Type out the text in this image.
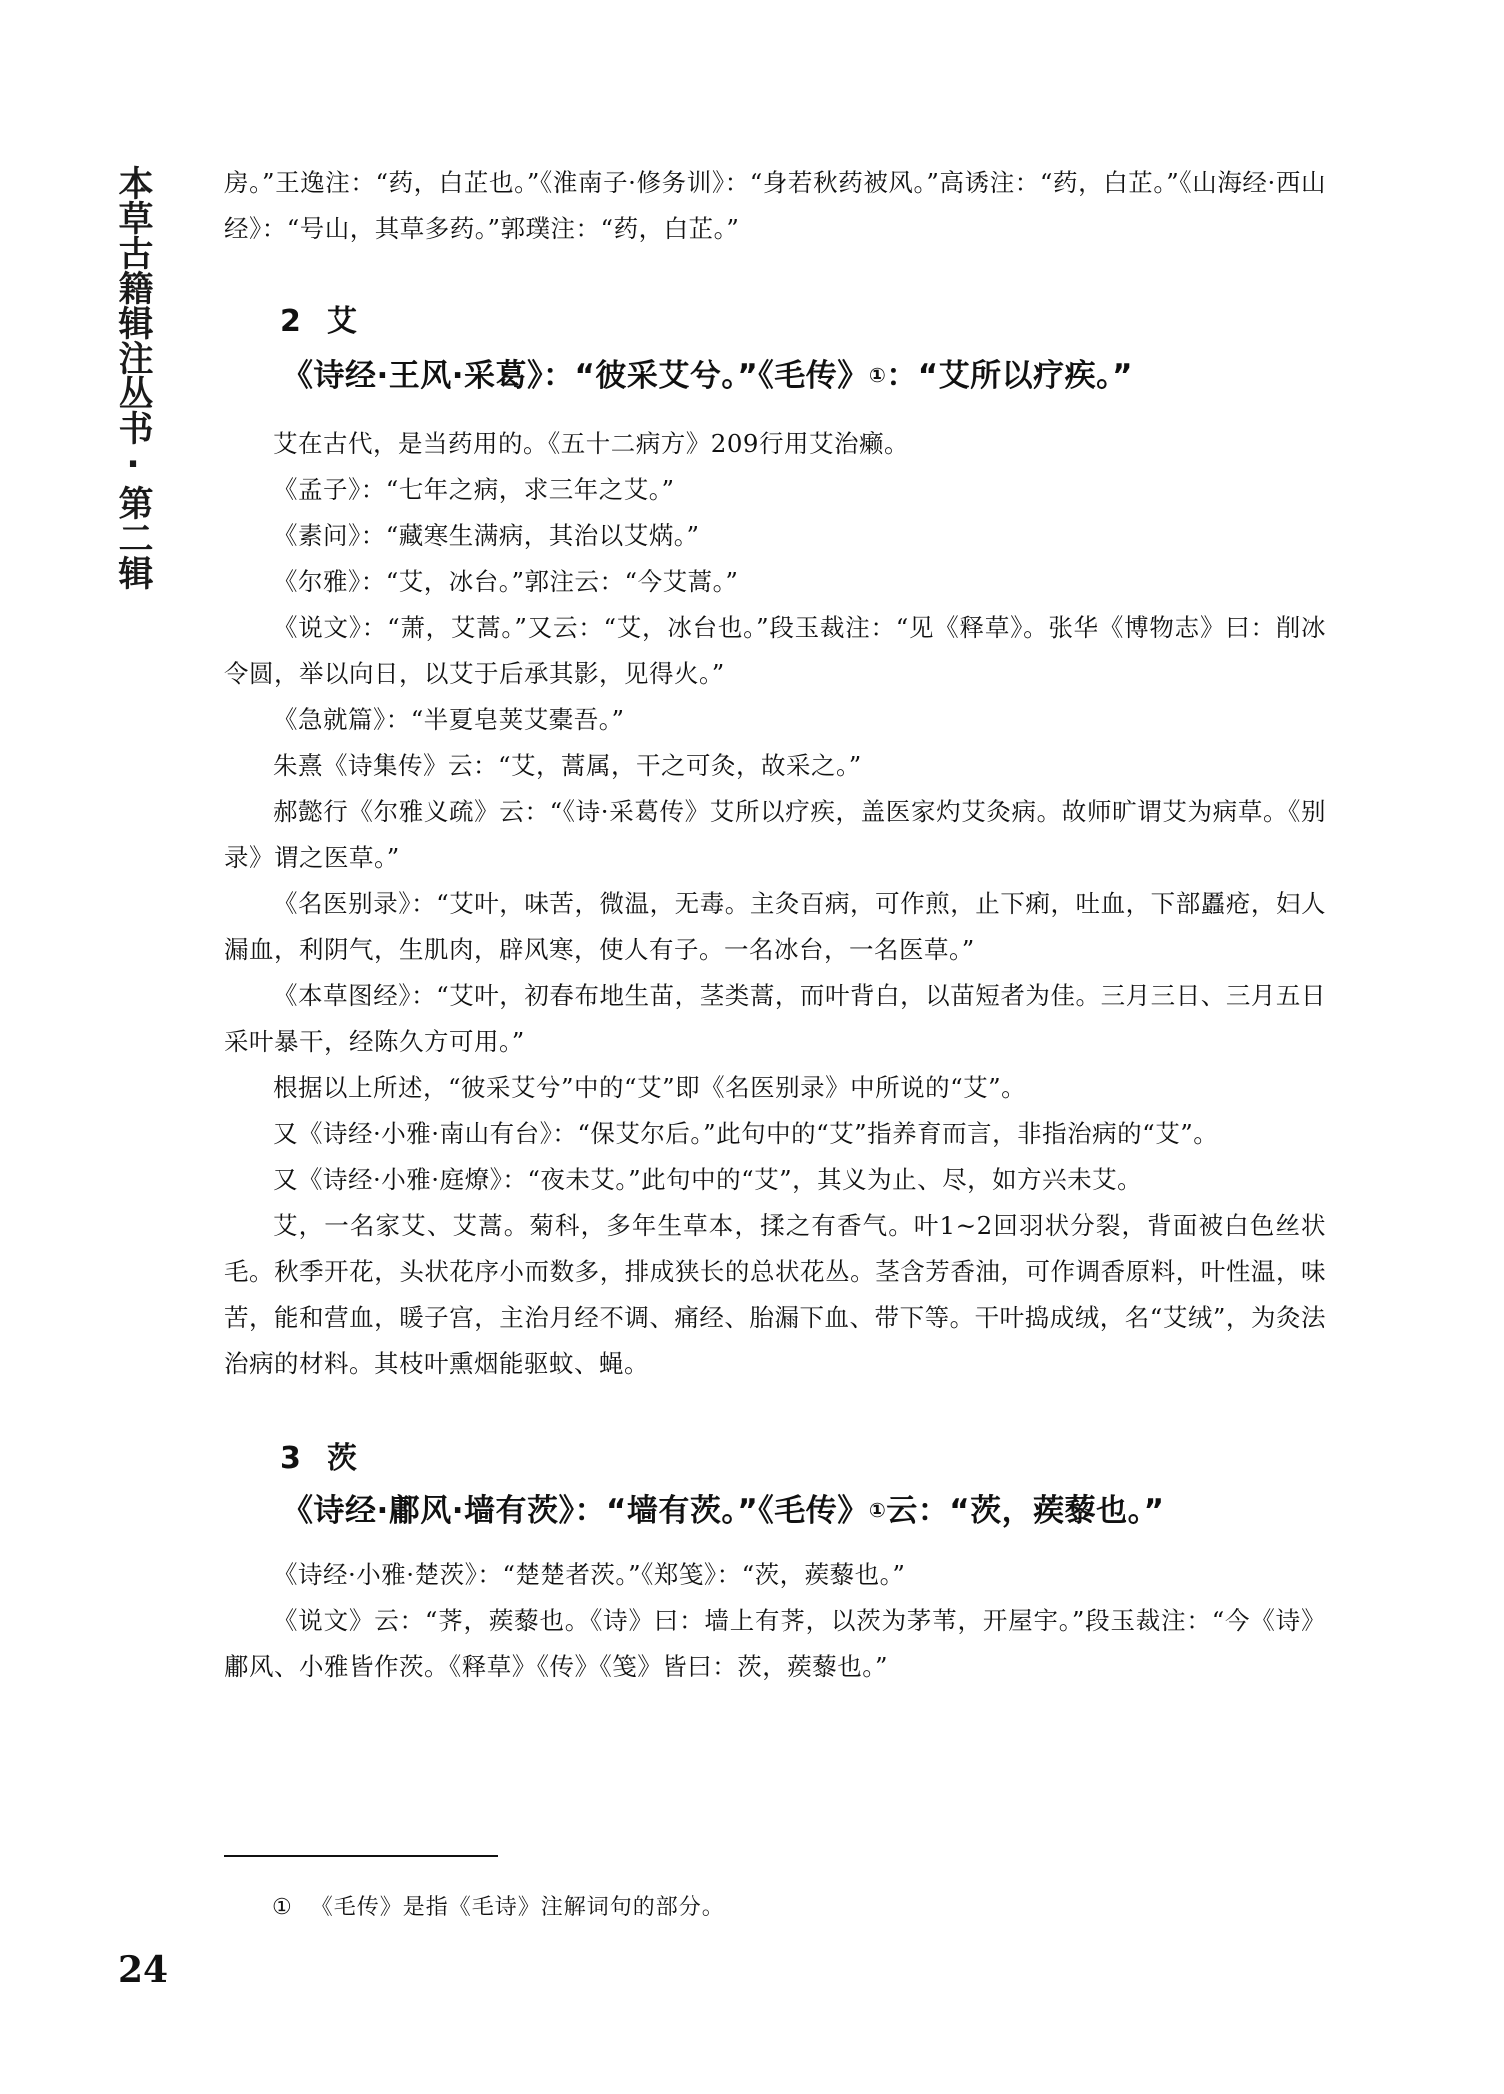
本草古籍辑注丛书·第二辑	房。”王逸注：“药，白芷也。”《淮南子·修务训》：“身若秋药被风。”高诱注：“药，白芷。”《山海经·西山经》：“号山，其草多药。”郭璞注：“药，白芷。”

2 艾
《诗经·王风·采葛》：“彼采艾兮。”《毛传》①：“艾所以疗疾。”

艾在古代，是当药用的。《五十二病方》209行用艾治癞。

《孟子》：“七年之病，求三年之艾。”

《素问》：“藏寒生满病，其治以艾焫。”

《尔雅》：“艾，冰台。”郭注云：“今艾蒿。”

《说文》：“萧，艾蒿。”又云：“艾，冰台也。”段玉裁注：“见《释草》。张华《博物志》曰：削冰令圆，举以向日，以艾于后承其影，见得火。”

《急就篇》：“半夏皂荚艾橐吾。”

朱熹《诗集传》云：“艾，蒿属，干之可灸，故采之。”

郝懿行《尔雅义疏》云：“《诗·采葛传》艾所以疗疾，盖医家灼艾灸病。故师旷谓艾为病草。《别录》谓之医草。”

《名医别录》：“艾叶，味苦，微温，无毒。主灸百病，可作煎，止下痢，吐血，下部䘌疮，妇人漏血，利阴气，生肌肉，辟风寒，使人有子。一名冰台，一名医草。”

《本草图经》：“艾叶，初春布地生苗，茎类蒿，而叶背白，以苗短者为佳。三月三日、三月五日采叶暴干，经陈久方可用。”

根据以上所述，“彼采艾兮”中的“艾”即《名医别录》中所说的“艾”。

又《诗经·小雅·南山有台》：“保艾尔后。”此句中的“艾”指养育而言，非指治病的“艾”。

又《诗经·小雅·庭燎》：“夜未艾。”此句中的“艾”，其义为止、尽，如方兴未艾。

艾，一名家艾、艾蒿。菊科，多年生草本，揉之有香气。叶1~2回羽状分裂，背面被白色丝状毛。秋季开花，头状花序小而数多，排成狭长的总状花丛。茎含芳香油，可作调香原料，叶性温，味苦，能和营血，暖子宫，主治月经不调、痛经、胎漏下血、带下等。干叶捣成绒，名“艾绒”，为灸法治病的材料。其枝叶熏烟能驱蚊、蝇。

3 茨
《诗经·鄘风·墙有茨》：“墙有茨。”《毛传》①云：“茨，蒺藜也。”

《诗经·小雅·楚茨》：“楚楚者茨。”《郑笺》：“茨，蒺藜也。”

《说文》云：“荠，蒺藜也。《诗》曰：墙上有荠，以茨为茅苇，开屋宇。”段玉裁注：“今《诗》鄘风、小雅皆作茨。《释草》《传》《笺》皆曰：茨，蒺藜也。”

① 《毛传》是指《毛诗》注解词句的部分。
24
